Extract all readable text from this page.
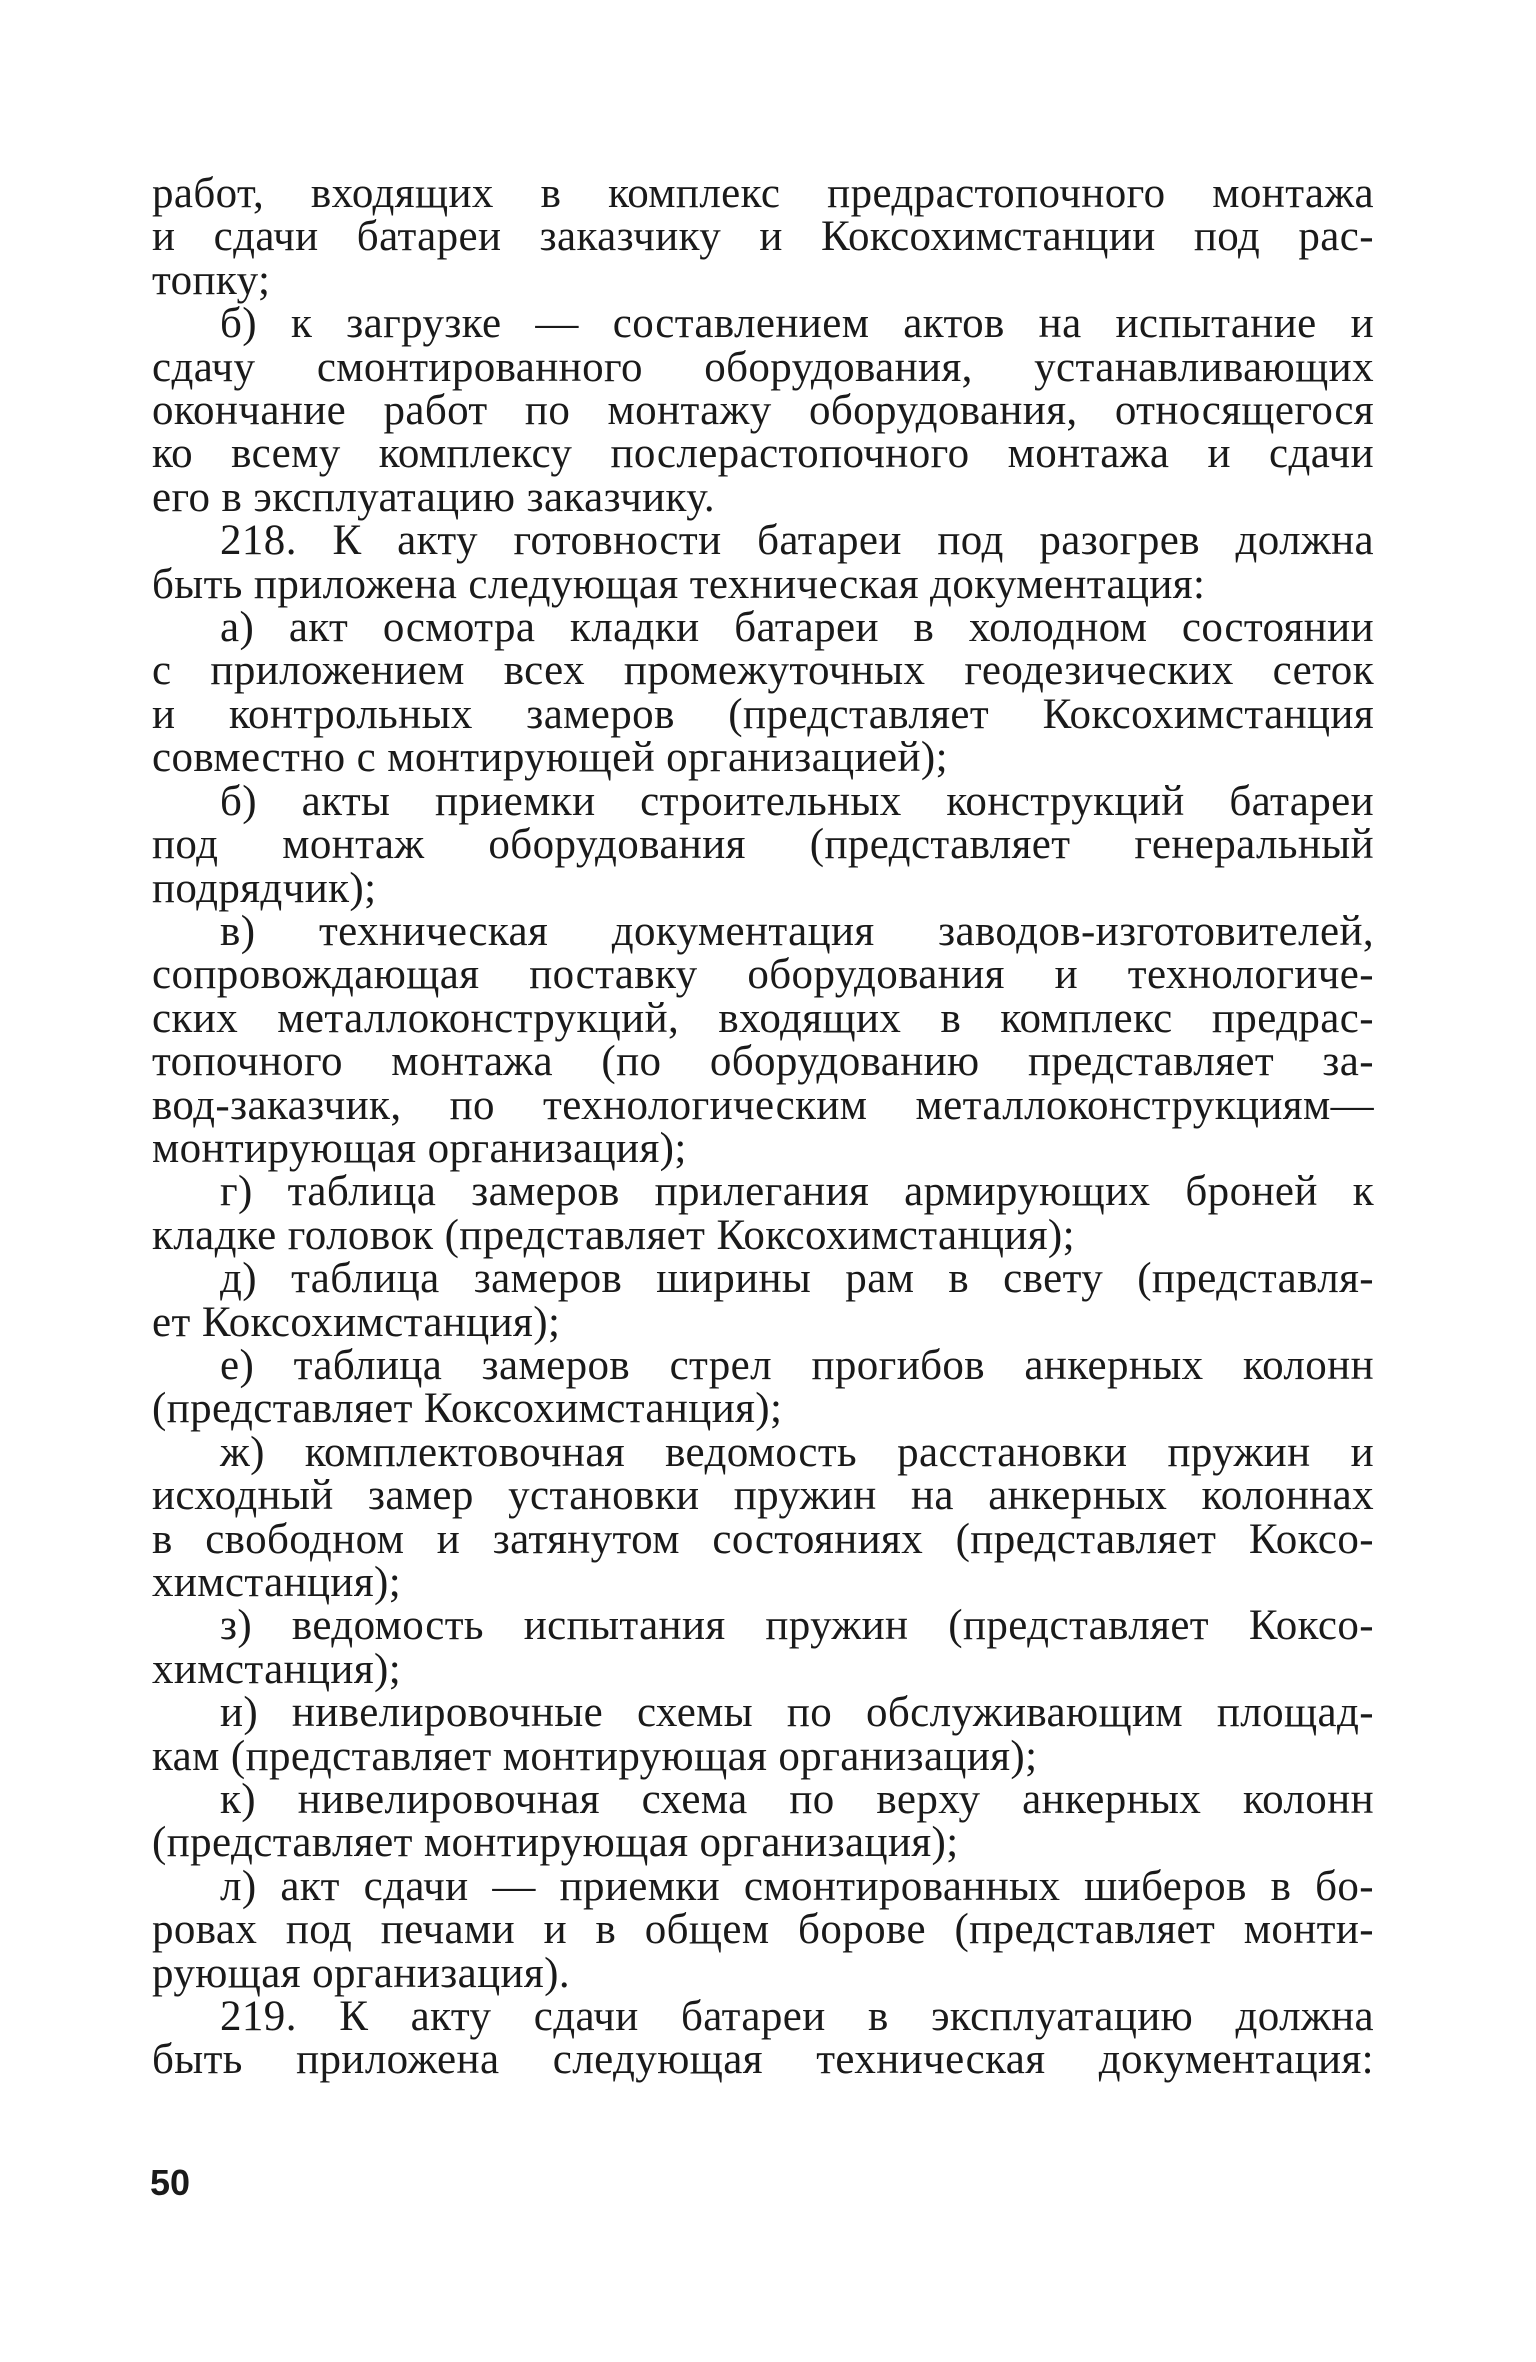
работ, входящих в комплекс предрастопочного монтажа
и сдачи батареи заказчику и Коксохимстанции под рас-
топку;
б) к загрузке — составлением актов на испытание и
сдачу смонтированного оборудования, устанавливающих
окончание работ по монтажу оборудования, относящегося
ко всему комплексу послерастопочного монтажа и сдачи
его в эксплуатацию заказчику.
218. К акту готовности батареи под разогрев должна
быть приложена следующая техническая документация:
а) акт осмотра кладки батареи в холодном состоянии
с приложением всех промежуточных геодезических сеток
и контрольных замеров (представляет Коксохимстанция
совместно с монтирующей организацией);
б) акты приемки строительных конструкций батареи
под монтаж оборудования (представляет генеральный
подрядчик);
в) техническая документация заводов-изготовителей,
сопровождающая поставку оборудования и технологиче-
ских металлоконструкций, входящих в комплекс предрас-
топочного монтажа (по оборудованию представляет за-
вод-заказчик, по технологическим металлоконструкциям—
монтирующая организация);
г) таблица замеров прилегания армирующих броней к
кладке головок (представляет Коксохимстанция);
д) таблица замеров ширины рам в свету (представля-
ет Коксохимстанция);
е) таблица замеров стрел прогибов анкерных колонн
(представляет Коксохимстанция);
ж) комплектовочная ведомость расстановки пружин и
исходный замер установки пружин на анкерных колоннах
в свободном и затянутом состояниях (представляет Коксо-
химстанция);
з) ведомость испытания пружин (представляет Коксо-
химстанция);
и) нивелировочные схемы по обслуживающим площад-
кам (представляет монтирующая организация);
к) нивелировочная схема по верху анкерных колонн
(представляет монтирующая организация);
л) акт сдачи — приемки смонтированных шиберов в бо-
ровах под печами и в общем борове (представляет монти-
рующая организация).
219. К акту сдачи батареи в эксплуатацию должна
быть приложена следующая техническая документация:
50
